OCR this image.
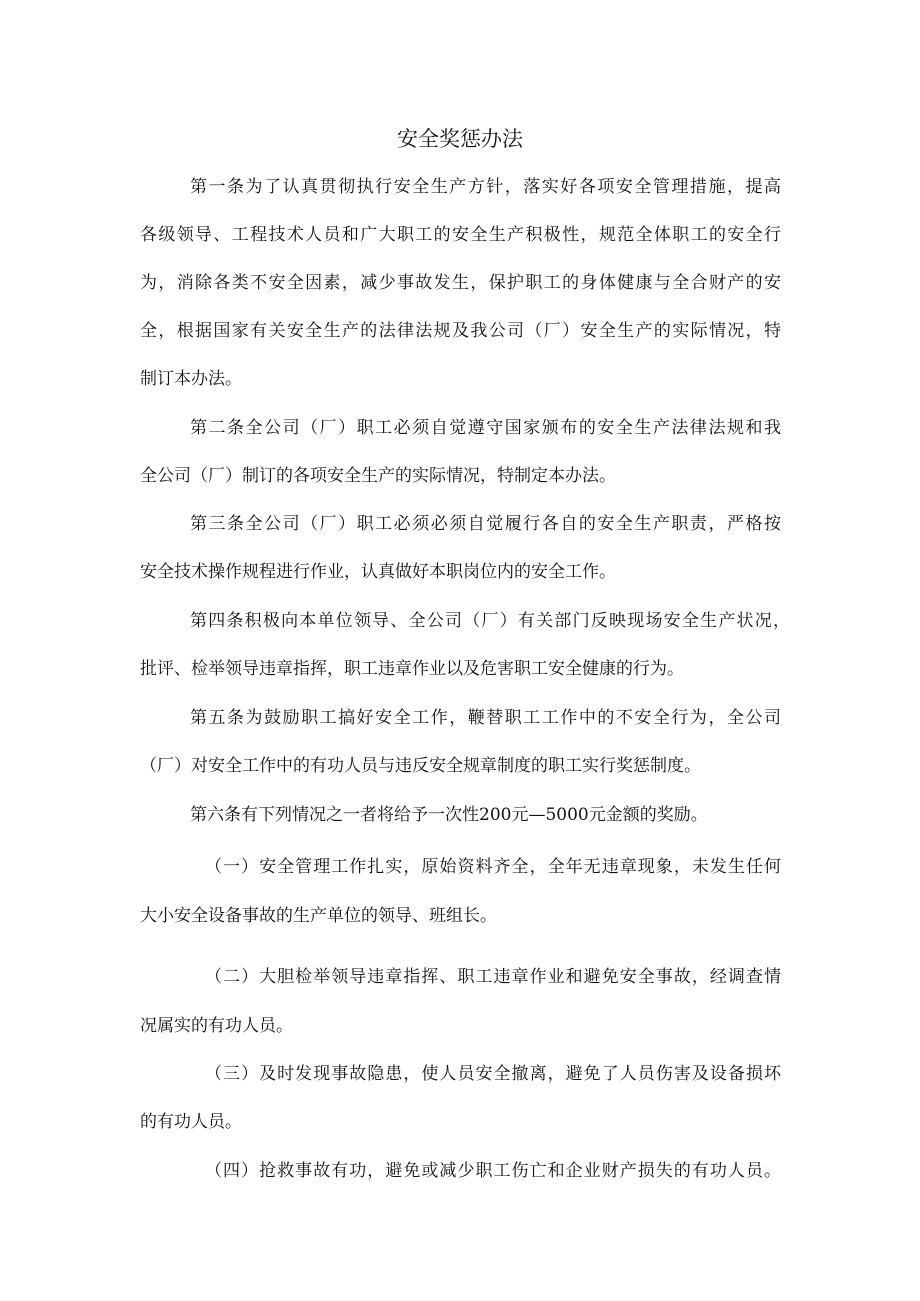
安全奖惩办法
第一条为了认真贯彻执行安全生产方针，落实好各项安全管理措施，提高
各级领导、工程技术人员和广大职工的安全生产积极性，规范全体职工的安全行
为，消除各类不安全因素，减少事故发生，保护职工的身体健康与全合财产的安
全，根据国家有关安全生产的法律法规及我公司（厂）安全生产的实际情况，特
制订本办法。
第二条全公司（厂）职工必须自觉遵守国家颁布的安全生产法律法规和我
全公司（厂）制订的各项安全生产的实际情况，特制定本办法。
第三条全公司（厂）职工必须必须自觉履行各自的安全生产职责，严格按
安全技术操作规程进行作业，认真做好本职岗位内的安全工作。
第四条积极向本单位领导、全公司（厂）有关部门反映现场安全生产状况，
批评、检举领导违章指挥，职工违章作业以及危害职工安全健康的行为。
第五条为鼓励职工搞好安全工作，鞭替职工工作中的不安全行为，全公司
（厂）对安全工作中的有功人员与违反安全规章制度的职工实行奖惩制度。
第六条有下列情况之一者将给予一次性200元—5000元金额的奖励。
（一）安全管理工作扎实，原始资料齐全，全年无违章现象，未发生任何
大小安全设备事故的生产单位的领导、班组长。
（二）大胆检举领导违章指挥、职工违章作业和避免安全事故，经调查情
况属实的有功人员。
（三）及时发现事故隐患，使人员安全撤离，避免了人员伤害及设备损坏
的有功人员。
（四）抢救事故有功，避免或减少职工伤亡和企业财产损失的有功人员。
